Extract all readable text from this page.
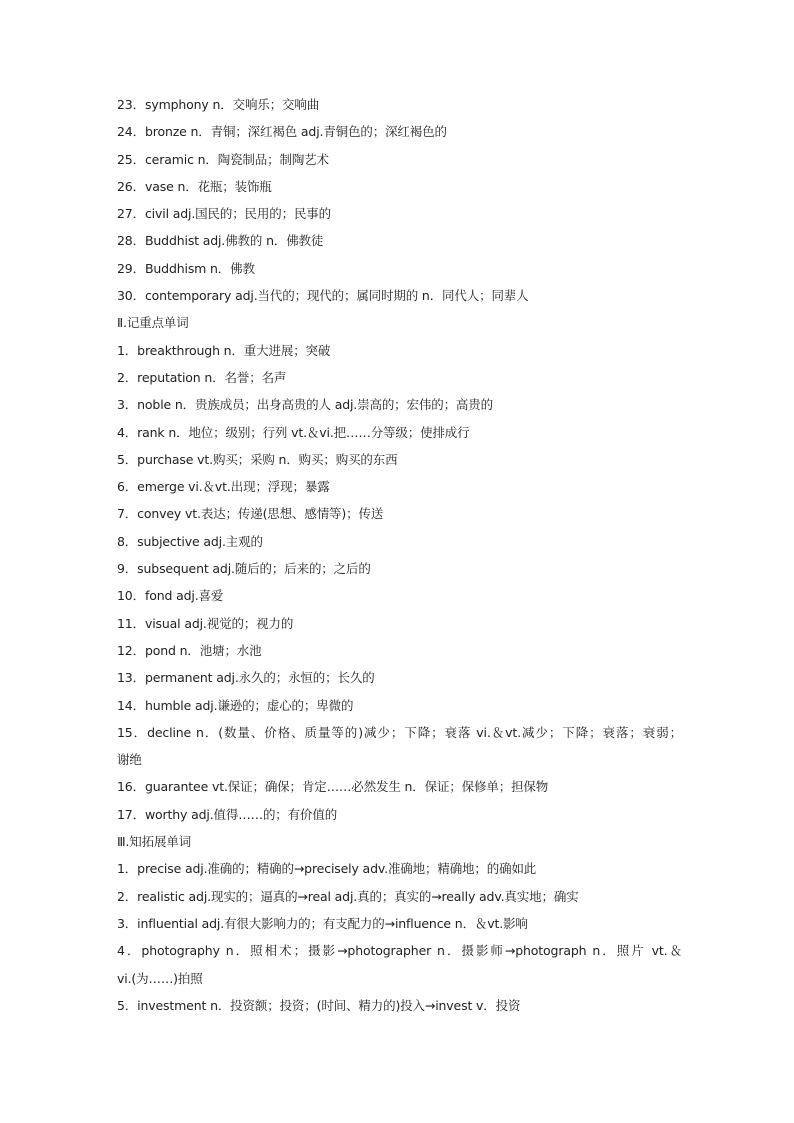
23．symphony n．交响乐；交响曲
24．bronze n．青铜；深红褐色 adj.青铜色的；深红褐色的
25．ceramic n．陶瓷制品；制陶艺术
26．vase n．花瓶；装饰瓶
27．civil adj.国民的；民用的；民事的
28．Buddhist adj.佛教的 n．佛教徒
29．Buddhism n．佛教
30．contemporary adj.当代的；现代的；属同时期的 n．同代人；同辈人
Ⅱ.记重点单词
1．breakthrough n．重大进展；突破
2．reputation n．名誉；名声
3．noble n．贵族成员；出身高贵的人 adj.崇高的；宏伟的；高贵的
4．rank n．地位；级别；行列 vt.＆vi.把……分等级；使排成行
5．purchase vt.购买；采购 n．购买；购买的东西
6．emerge vi.＆vt.出现；浮现；暴露
7．convey vt.表达；传递(思想、感情等)；传送
8．subjective adj.主观的
9．subsequent adj.随后的；后来的；之后的
10．fond adj.喜爱
11．visual adj.视觉的；视力的
12．pond n．池塘；水池
13．permanent adj.永久的；永恒的；长久的
14．humble adj.谦逊的；虚心的；卑微的
15．decline n．(数量、价格、质量等的)减少；下降；衰落 vi.＆vt.减少；下降；衰落；衰弱；
谢绝
16．guarantee vt.保证；确保；肯定……必然发生 n．保证；保修单；担保物
17．worthy adj.值得……的；有价值的
Ⅲ.知拓展单词
1．precise adj.准确的；精确的→precisely adv.准确地；精确地；的确如此
2．realistic adj.现实的；逼真的→real adj.真的；真实的→really adv.真实地；确实
3．influential adj.有很大影响力的；有支配力的→influence n．＆vt.影响
4．photography n．照相术；摄影→photographer n．摄影师→photograph n．照片 vt.＆
vi.(为……)拍照
5．investment n．投资额；投资；(时间、精力的)投入→invest v．投资
